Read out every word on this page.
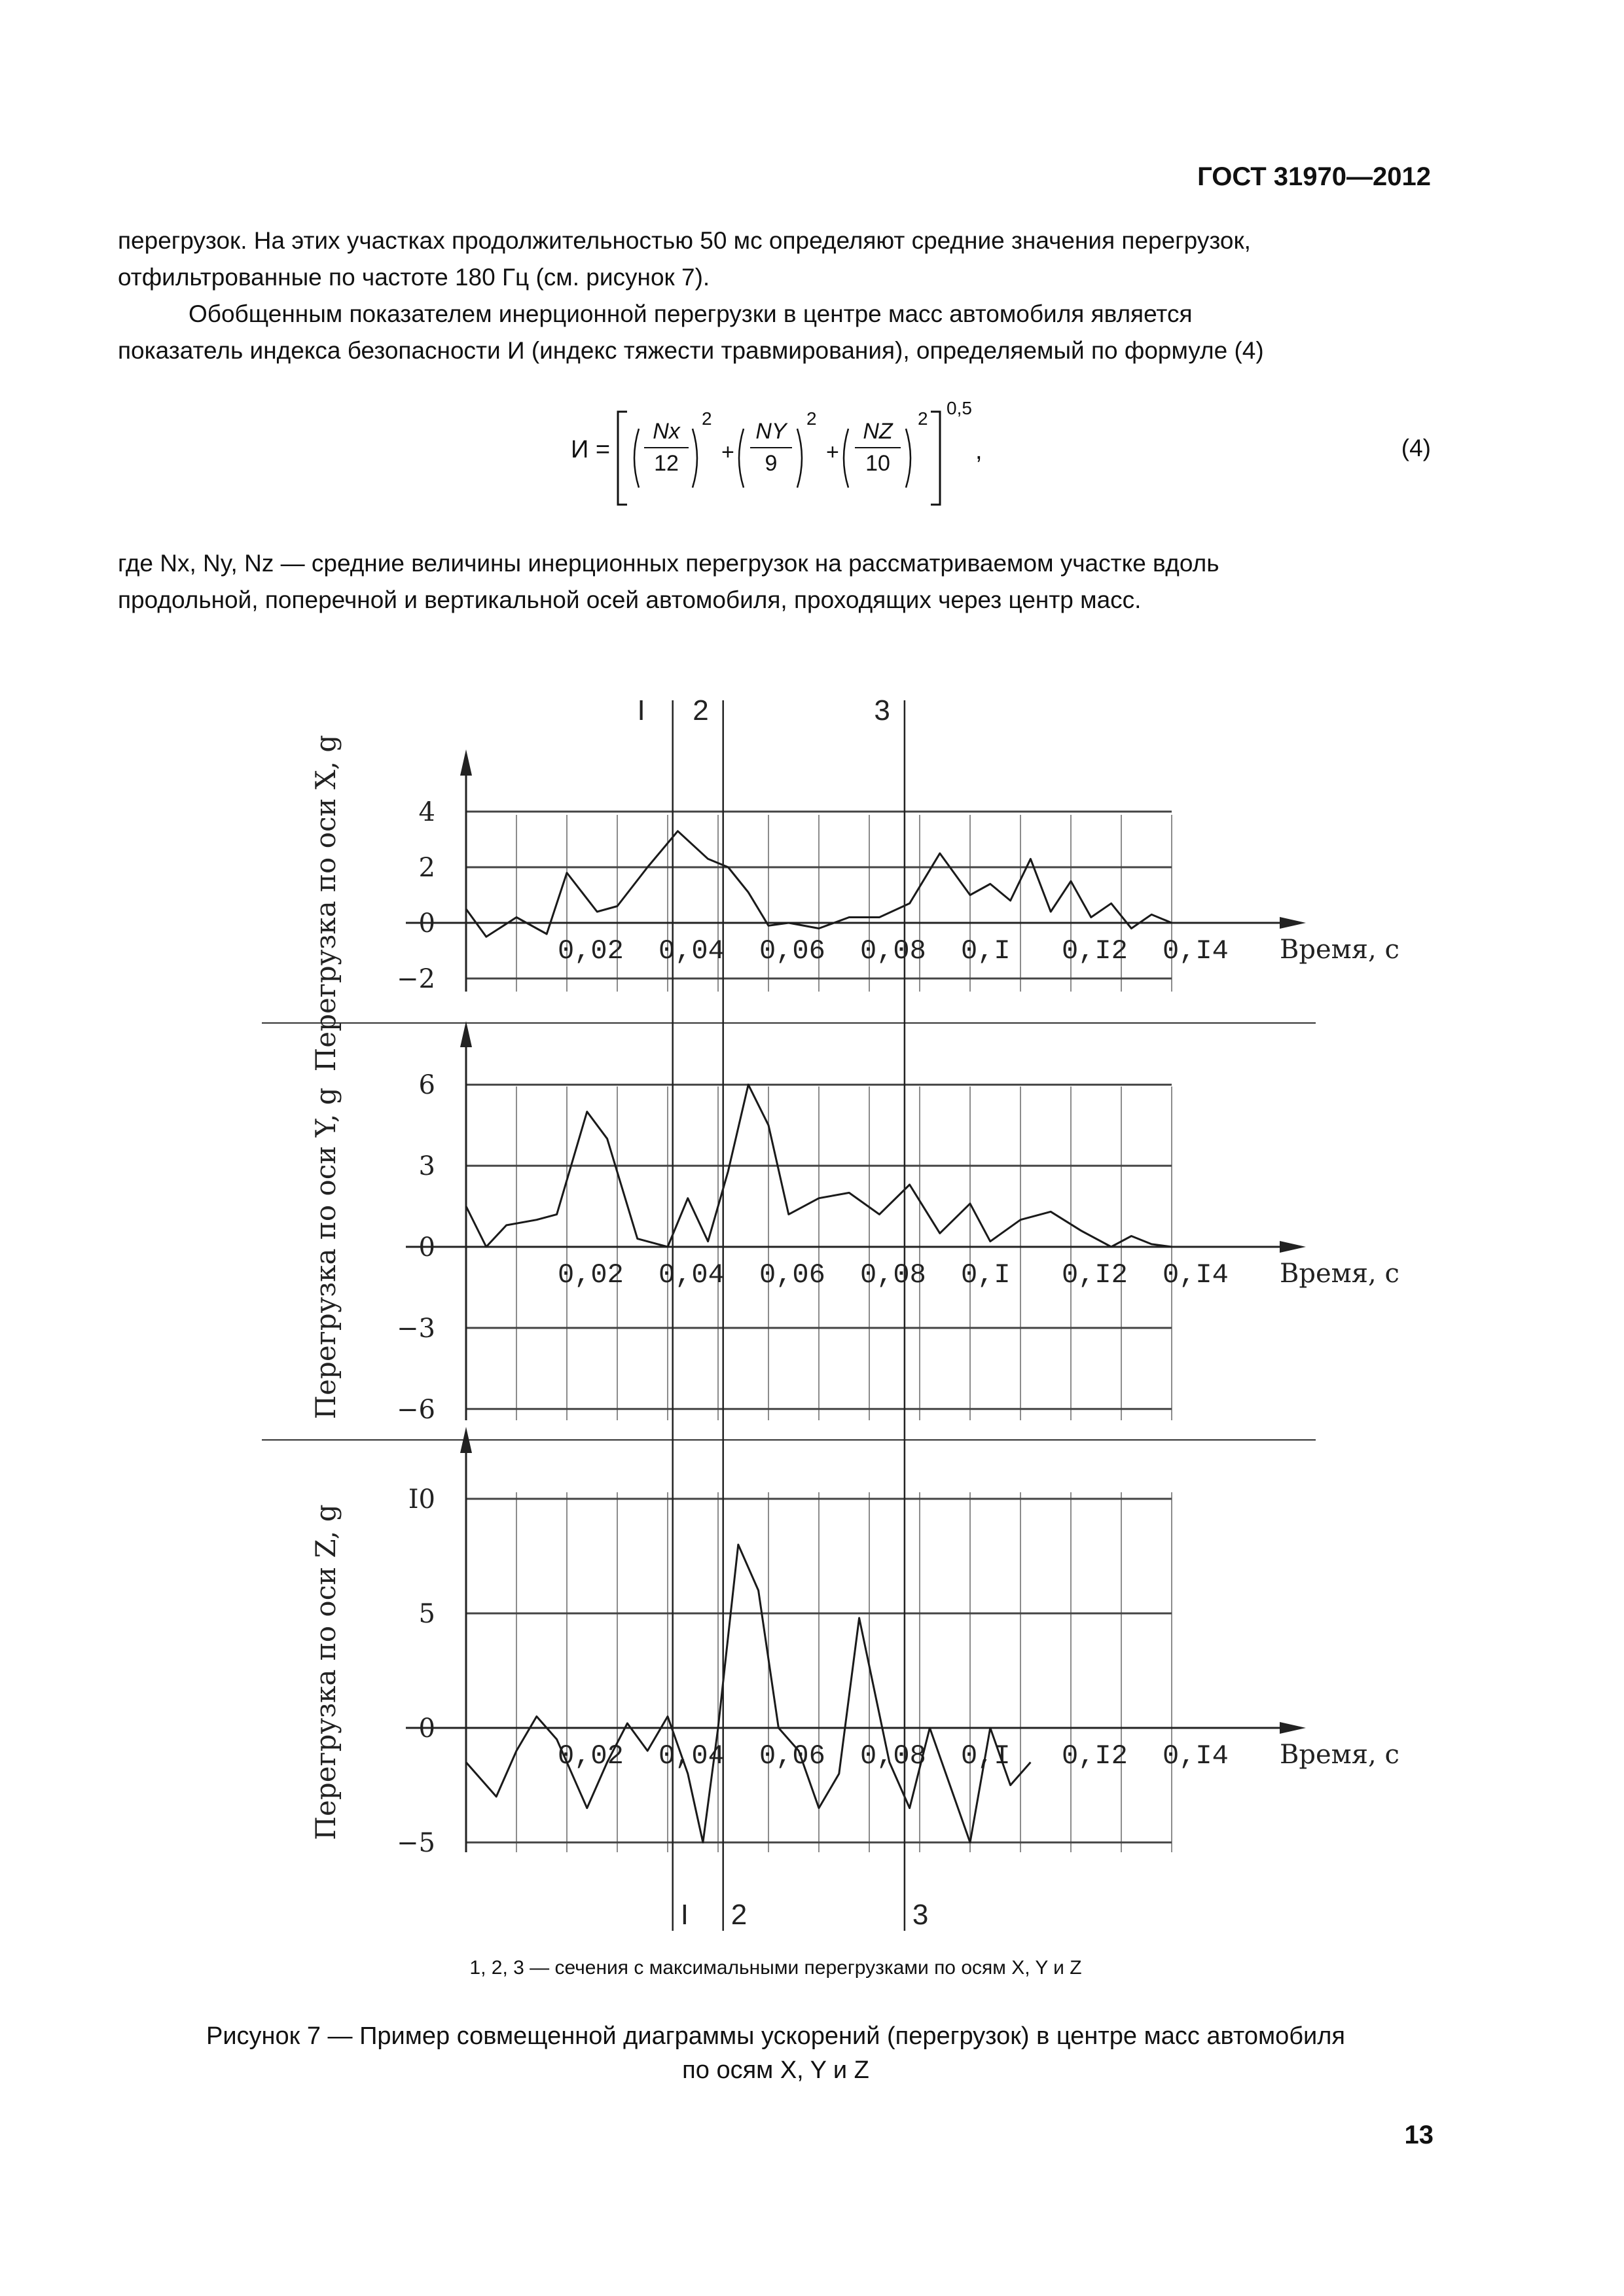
ГОСТ 31970—2012
перегрузок. На этих участках продолжительностью 50 мс определяют средние значения перегрузок,
отфильтрованные по частоте 180 Гц (см. рисунок 7).
Обобщенным показателем инерционной перегрузки в центре масс автомобиля является
показатель индекса безопасности И (индекс тяжести травмирования), определяемый по формуле (4)
$И = \frac{Nx}{12}$
2
+ $\frac{NY}{9}$
2
+ $\frac{NZ}{10}$
2
0,5
,	(4)
где Nx, Ny, Nz — средние величины инерционных перегрузок на рассматриваемом участке вдоль
продольной, поперечной и вертикальной осей автомобиля, проходящих через центр масс.
4
2
0
−2
0,02 0,04 0,06 0,08 0,I 0,I2 0,I4 Время, с
Перегрузка по оси X, g
6
3
0
−3
−6
0,02 0,04 0,06 0,08 0,I 0,I2 0,I4 Время, с
Перегрузка по оси Y, g
I0
5
0
−5
0,02 0,04 0,06 0,08 0,I 0,I2 0,I4 Время, с
Перегрузка по оси Z, g
I
I
2
2
3
3
1, 2, 3 — сечения с максимальными перегрузками по осям X, Y и Z
Рисунок 7 — Пример совмещенной диаграммы ускорений (перегрузок) в центре масс автомобиля
по осям X, Y и Z
13
